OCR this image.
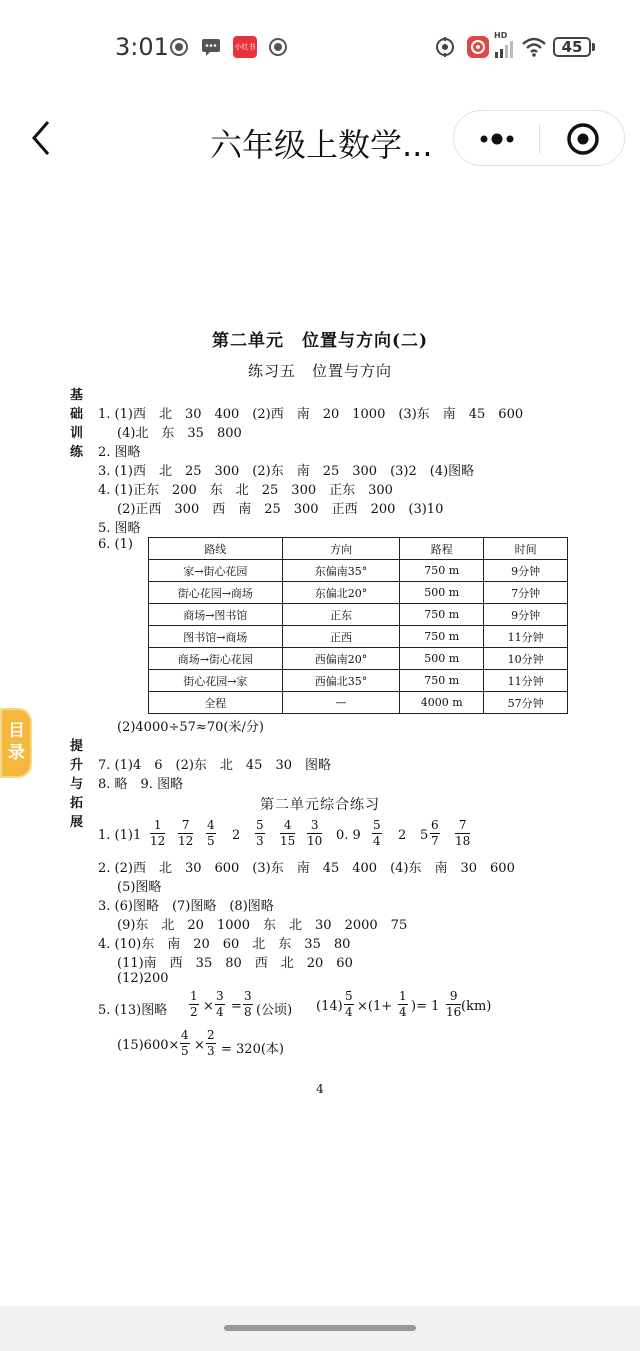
3:01	小红书
HD
45
六年级上数学...
第二单元　位置与方向(二)
练习五　位置与方向
基础训练
1. (1)西　北　30　400　(2)西　南　20　1000　(3)东　南　45　600
(4)北　东　35　800
2. 图略
3. (1)西　北　25　300　(2)东　南　25　300　(3)2　(4)图略
4. (1)正东　200　东　北　25　300　正东　300
(2)正西　300　西　南　25　300　正西　200　(3)10
5. 图略
6. (1)	路线	方向	路程	时间
家→街心花园	东偏南35°	750 m	9分钟
街心花园→商场	东偏北20°	500 m	7分钟
商场→图书馆	正东	750 m	9分钟
图书馆→商场	正西	750 m	11分钟
商场→街心花园	西偏南20°	500 m	10分钟
街心花园→家	西偏北35°	750 m	11分钟
全程	—	4000 m	57分钟
(2)4000÷57≈70(米/分)
提升与拓展
7. (1)4　6　(2)东　北　45　30　图略
8. 略　9. 图略
第二单元综合练习
1. $(1)1 \frac{1}{12} \frac{7}{12} \frac{4}{5} 2 \frac{5}{3} \frac{4}{15} \frac{3}{10} 0$. $9 \frac{5}{4} 2$ $5 \frac{6}{7} \frac{7}{18}$
2. (2)西　北　30　600　(3)东　南　45　400　(4)东　南　30　600
(5)图略
3. (6)图略　(7)图略　(8)图略
(9)东　北　20　1000　东　北　30　2000　75
4. (10)东　南　20　60　北　东　35　80
(11)南　西　35　80　西　北　20　60
(12)200
5. (13)图略 $\frac{1}{2} \times \frac{3}{4} = \frac{3}{8}$ (公顷) $(14) \frac{5}{4} \times(1+ \frac{1}{4}$ )= $1 \frac{9}{16} (km)$
$(15)600\times \frac{4}{5} \times \frac{2}{3} = 320$(本)
4
目录
